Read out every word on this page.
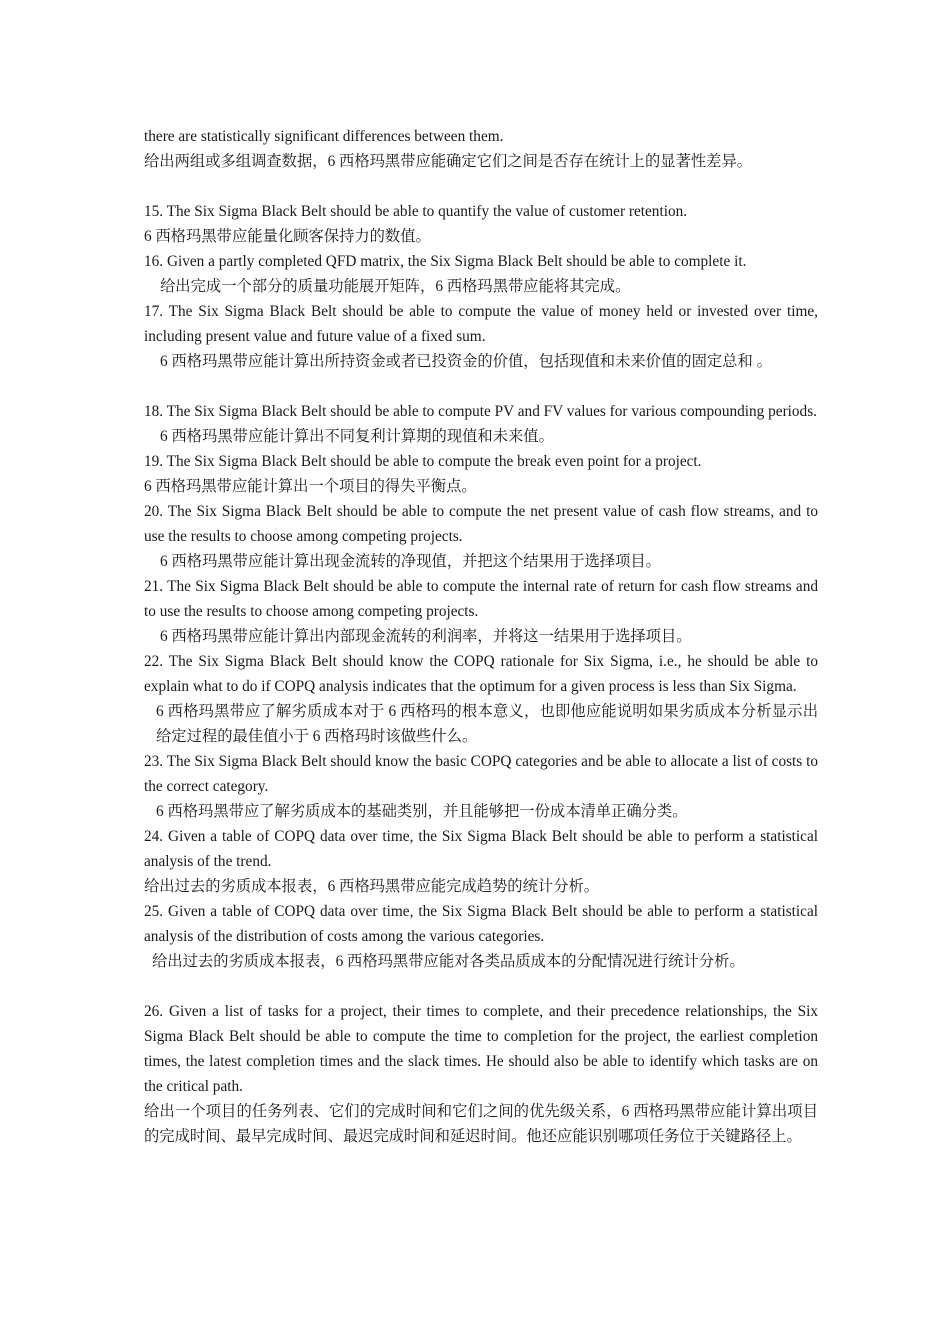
there are statistically significant differences between them.

给出两组或多组调查数据，6 西格玛黑带应能确定它们之间是否存在统计上的显著性差异。

15. The Six Sigma Black Belt should be able to quantify the value of customer retention.

6 西格玛黑带应能量化顾客保持力的数值。

16. Given a partly completed QFD matrix, the Six Sigma Black Belt should be able to complete it.

给出完成一个部分的质量功能展开矩阵，6 西格玛黑带应能将其完成。

17. The Six Sigma Black Belt should be able to compute the value of money held or invested over time, including present value and future value of a fixed sum.

6 西格玛黑带应能计算出所持资金或者已投资金的价值，包括现值和未来价值的固定总和 。

18. The Six Sigma Black Belt should be able to compute PV and FV values for various compounding periods.

6 西格玛黑带应能计算出不同复利计算期的现值和未来值。

19. The Six Sigma Black Belt should be able to compute the break even point for a project.

6 西格玛黑带应能计算出一个项目的得失平衡点。

20. The Six Sigma Black Belt should be able to compute the net present value of cash flow streams, and to use the results to choose among competing projects.

6 西格玛黑带应能计算出现金流转的净现值，并把这个结果用于选择项目。

21. The Six Sigma Black Belt should be able to compute the internal rate of return for cash flow streams and to use the results to choose among competing projects.

6 西格玛黑带应能计算出内部现金流转的利润率，并将这一结果用于选择项目。

22. The Six Sigma Black Belt should know the COPQ rationale for Six Sigma, i.e., he should be able to explain what to do if COPQ analysis indicates that the optimum for a given process is less than Six Sigma.

6 西格玛黑带应了解劣质成本对于 6 西格玛的根本意义，也即他应能说明如果劣质成本分析显示出给定过程的最佳值小于 6 西格玛时该做些什么。

23. The Six Sigma Black Belt should know the basic COPQ categories and be able to allocate a list of costs to the correct category.

6 西格玛黑带应了解劣质成本的基础类别，并且能够把一份成本清单正确分类。

24. Given a table of COPQ data over time, the Six Sigma Black Belt should be able to perform a statistical analysis of the trend.

给出过去的劣质成本报表，6 西格玛黑带应能完成趋势的统计分析。

25. Given a table of COPQ data over time, the Six Sigma Black Belt should be able to perform a statistical analysis of the distribution of costs among the various categories.

给出过去的劣质成本报表，6 西格玛黑带应能对各类品质成本的分配情况进行统计分析。

26. Given a list of tasks for a project, their times to complete, and their precedence relationships, the Six Sigma Black Belt should be able to compute the time to completion for the project, the earliest completion times, the latest completion times and the slack times. He should also be able to identify which tasks are on the critical path.

给出一个项目的任务列表、它们的完成时间和它们之间的优先级关系，6 西格玛黑带应能计算出项目的完成时间、最早完成时间、最迟完成时间和延迟时间。他还应能识别哪项任务位于关键路径上。
